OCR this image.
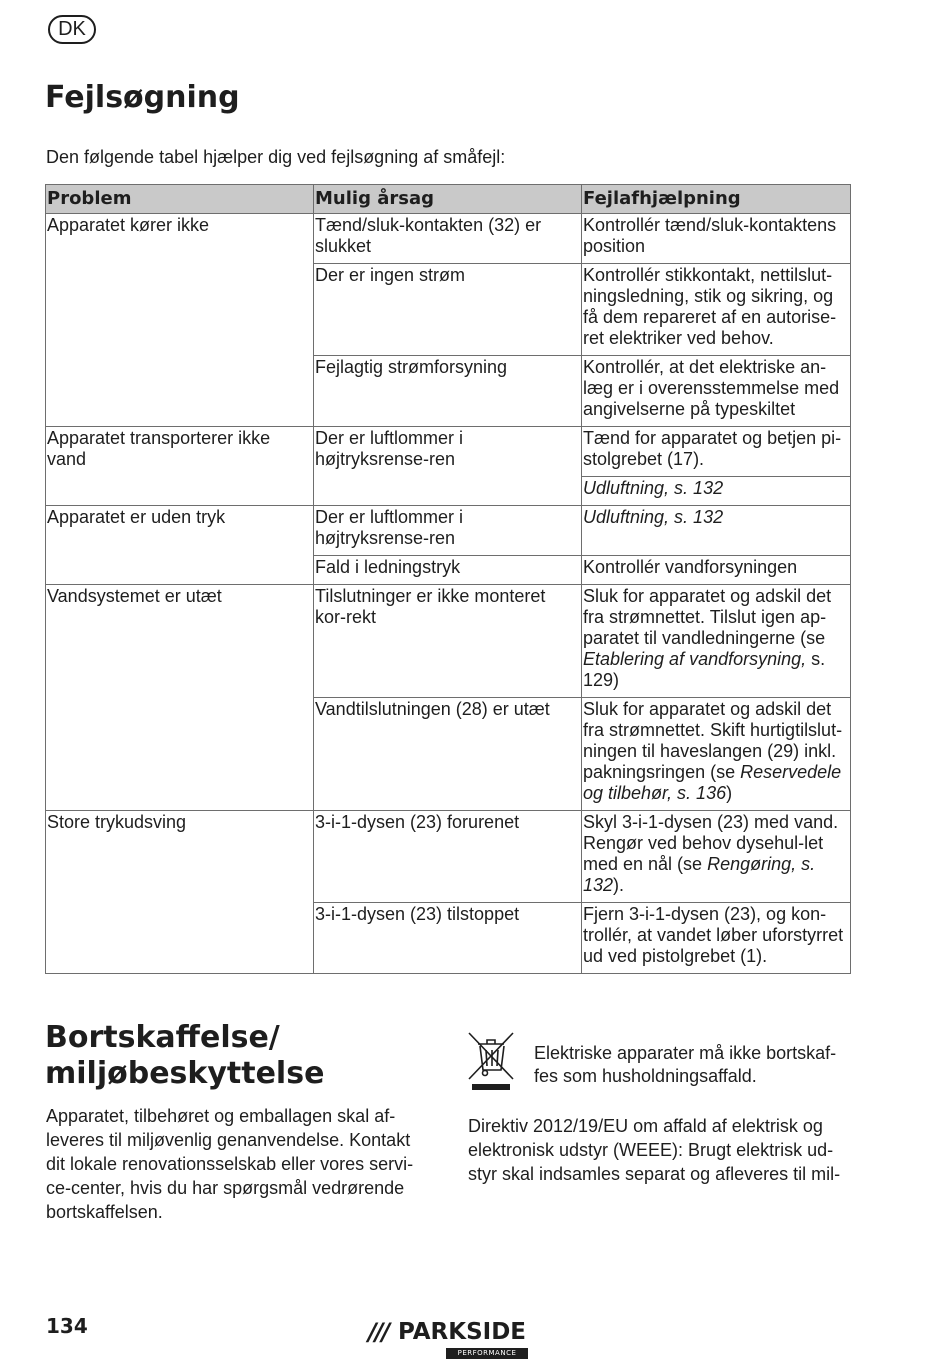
DK
Fejlsøgning

Den følgende tabel hjælper dig ved fejlsøgning af småfejl:

Problem	Mulig årsag	Fejlafhjælpning
Apparatet kører ikke	Tænd/sluk-kontakten (32) er slukket	Kontrollér tænd/sluk-kontaktens position
	Der er ingen strøm	Kontrollér stikkontakt, nettilslut-ningsledning, stik og sikring, og få dem repareret af en autorise-ret elektriker ved behov.
	Fejlagtig strømforsyning	Kontrollér, at det elektriske an-læg er i overensstemmelse med angivelserne på typeskiltet
Apparatet transporterer ikke vand	Der er luftlommer i højtryksrense-ren	Tænd for apparatet og betjen pi-stolgrebet (17).
		Udluftning, s. 132
Apparatet er uden tryk	Der er luftlommer i højtryksrense-ren	Udluftning, s. 132
	Fald i ledningstryk	Kontrollér vandforsyningen
Vandsystemet er utæt	Tilslutninger er ikke monteret kor-rekt	Sluk for apparatet og adskil det fra strømnettet. Tilslut igen ap-paratet til vandledningerne (se Etablering af vandforsyning, s. 129)
	Vandtilslutningen (28) er utæt	Sluk for apparatet og adskil det fra strømnettet. Skift hurtigtilslut-ningen til haveslangen (29) inkl. pakningsringen (se Reservedele og tilbehør, s. 136)
Store trykudsving	3-i-1-dysen (23) forurenet	Skyl 3-i-1-dysen (23) med vand. Rengør ved behov dysehul-let med en nål (se Rengøring, s. 132).
	3-i-1-dysen (23) tilstoppet	Fjern 3-i-1-dysen (23), og kon-trollér, at vandet løber uforstyrret ud ved pistolgrebet (1).
Bortskaffelse/
miljøbeskyttelse

Apparatet, tilbehøret og emballagen skal af-leveres til miljøvenlig genanvendelse. Kontakt dit lokale renovationsselskab eller vores servi-ce-center, hvis du har spørgsmål vedrørende bortskaffelsen.

Elektriske apparater må ikke bortskaf-fes som husholdningsaffald.

Direktiv 2012/19/EU om affald af elektrisk og elektronisk udstyr (WEEE): Brugt elektrisk ud-styr skal indsamles separat og afleveres til mil-

134	/// PARKSIDE
PERFORMANCE
